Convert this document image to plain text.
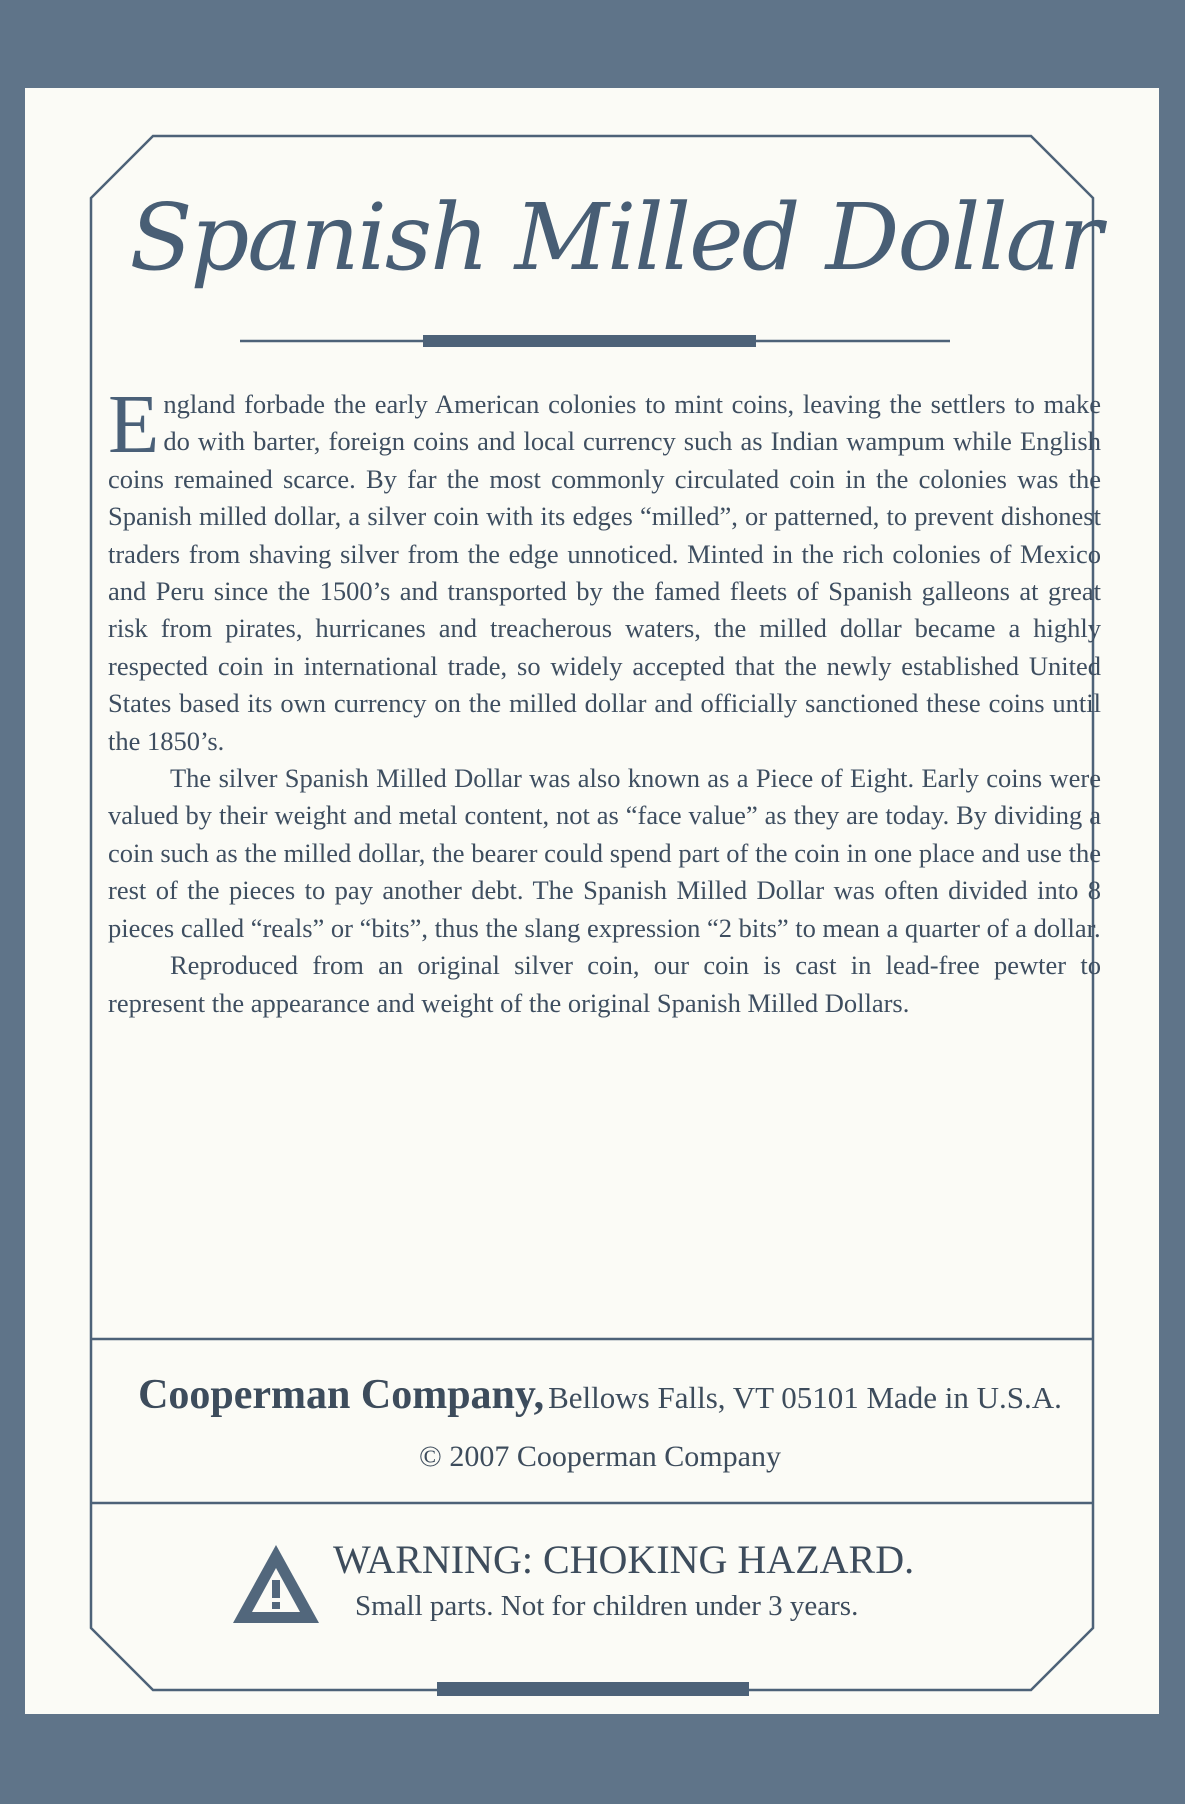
Spanish Milled Dollar

England forbade the early American colonies to mint coins, leaving the settlers to make do with barter, foreign coins and local currency such as Indian wampum while English coins remained scarce. By far the most commonly circulated coin in the colonies was the Spanish milled dollar, a silver coin with its edges “milled”, or patterned, to prevent dishonest traders from shaving silver from the edge unnoticed. Minted in the rich colonies of Mexico and Peru since the 1500’s and transported by the famed fleets of Spanish galleons at great risk from pirates, hurricanes and treacherous waters, the milled dollar became a highly respected coin in international trade, so widely accepted that the newly established United States based its own currency on the milled dollar and officially sanctioned these coins until the 1850’s.

The silver Spanish Milled Dollar was also known as a Piece of Eight. Early coins were valued by their weight and metal content, not as “face value” as they are today. By dividing a coin such as the milled dollar, the bearer could spend part of the coin in one place and use the rest of the pieces to pay another debt. The Spanish Milled Dollar was often divided into 8 pieces called “reals” or “bits”, thus the slang expression “2 bits” to mean a quarter of a dollar.

Reproduced from an original silver coin, our coin is cast in lead-free pewter to represent the appearance and weight of the original Spanish Milled Dollars.

Cooperman Company, Bellows Falls, VT 05101 Made in U.S.A.
© 2007 Cooperman Company
WARNING: CHOKING HAZARD.
Small parts. Not for children under 3 years.
